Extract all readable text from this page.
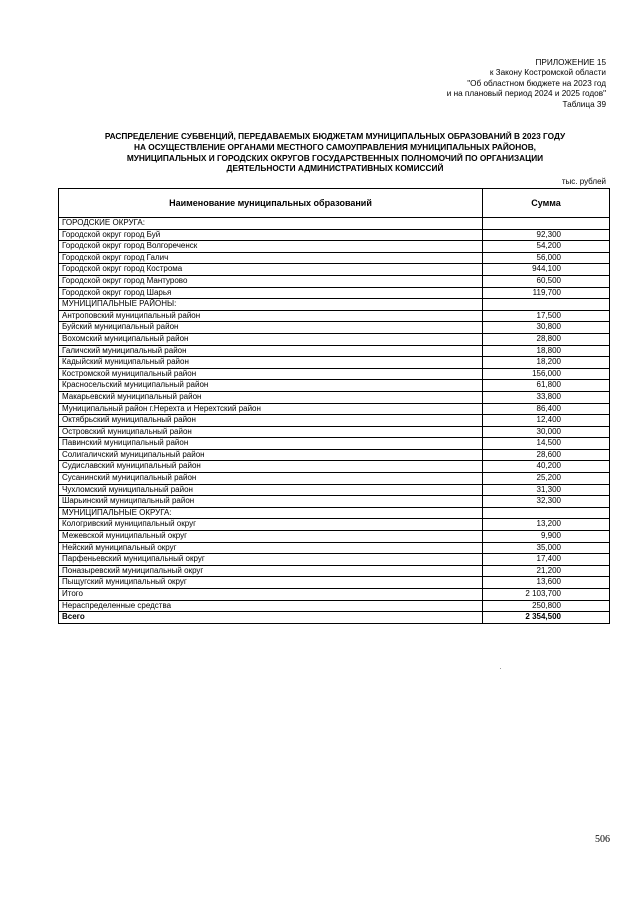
ПРИЛОЖЕНИЕ 15
к Закону Костромской области
"Об областном бюджете на 2023 год
и на плановый период 2024 и 2025 годов"
Таблица 39
РАСПРЕДЕЛЕНИЕ СУБВЕНЦИЙ, ПЕРЕДАВАЕМЫХ БЮДЖЕТАМ МУНИЦИПАЛЬНЫХ ОБРАЗОВАНИЙ В 2023 ГОДУ
НА ОСУЩЕСТВЛЕНИЕ ОРГАНАМИ МЕСТНОГО САМОУПРАВЛЕНИЯ МУНИЦИПАЛЬНЫХ РАЙОНОВ,
МУНИЦИПАЛЬНЫХ И ГОРОДСКИХ ОКРУГОВ ГОСУДАРСТВЕННЫХ ПОЛНОМОЧИЙ ПО ОРГАНИЗАЦИИ
ДЕЯТЕЛЬНОСТИ АДМИНИСТРАТИВНЫХ КОМИССИЙ
тыс. рублей
Наименование муниципальных образований	Сумма
ГОРОДСКИЕ ОКРУГА:	
Городской округ город Буй	92,300
Городской округ город Волгореченск	54,200
Городской округ город Галич	56,000
Городской округ город Кострома	944,100
Городской округ город Мантурово	60,500
Городской округ город Шарья	119,700
МУНИЦИПАЛЬНЫЕ РАЙОНЫ:	
Антроповский муниципальный район	17,500
Буйский муниципальный район	30,800
Вохомский муниципальный район	28,800
Галичский муниципальный район	18,800
Кадыйский муниципальный район	18,200
Костромской муниципальный район	156,000
Красносельский муниципальный район	61,800
Макарьевский муниципальный район	33,800
Муниципальный район г.Нерехта и Нерехтский район	86,400
Октябрьский муниципальный район	12,400
Островский муниципальный район	30,000
Павинский муниципальный район	14,500
Солигаличский муниципальный район	28,600
Судиславский муниципальный район	40,200
Сусанинский муниципальный район	25,200
Чухломский муниципальный район	31,300
Шарьинский муниципальный район	32,300
МУНИЦИПАЛЬНЫЕ ОКРУГА:	
Кологривский муниципальный округ	13,200
Межевской муниципальный округ	9,900
Нейский муниципальный округ	35,000
Парфеньевский муниципальный округ	17,400
Поназыревский муниципальный округ	21,200
Пыщугский муниципальный округ	13,600
Итого	2 103,700
Нераспределенные средства	250,800
Всего	2 354,500
506
